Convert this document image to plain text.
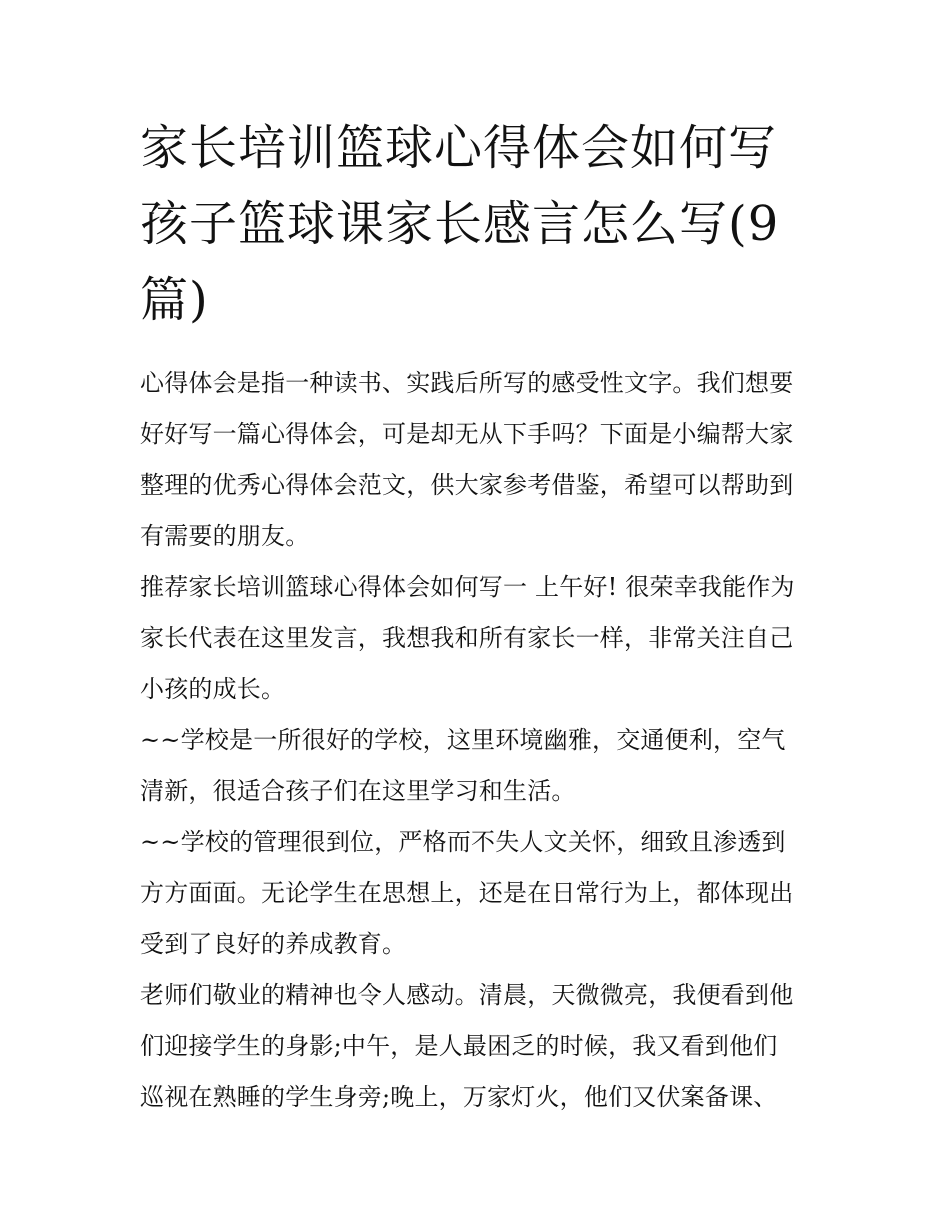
家长培训篮球心得体会如何写
孩子篮球课家长感言怎么写(9
篇)

心得体会是指一种读书、实践后所写的感受性文字。我们想要
好好写一篇心得体会，可是却无从下手吗？下面是小编帮大家
整理的优秀心得体会范文，供大家参考借鉴，希望可以帮助到
有需要的朋友。

推荐家长培训篮球心得体会如何写一 上午好! 很荣幸我能作为
家长代表在这里发言，我想我和所有家长一样，非常关注自己
小孩的成长。

~~学校是一所很好的学校，这里环境幽雅，交通便利，空气
清新，很适合孩子们在这里学习和生活。

~~学校的管理很到位，严格而不失人文关怀，细致且渗透到
方方面面。无论学生在思想上，还是在日常行为上，都体现出
受到了良好的养成教育。

老师们敬业的精神也令人感动。清晨，天微微亮，我便看到他
们迎接学生的身影;中午，是人最困乏的时候，我又看到他们
巡视在熟睡的学生身旁;晚上，万家灯火，他们又伏案备课、
